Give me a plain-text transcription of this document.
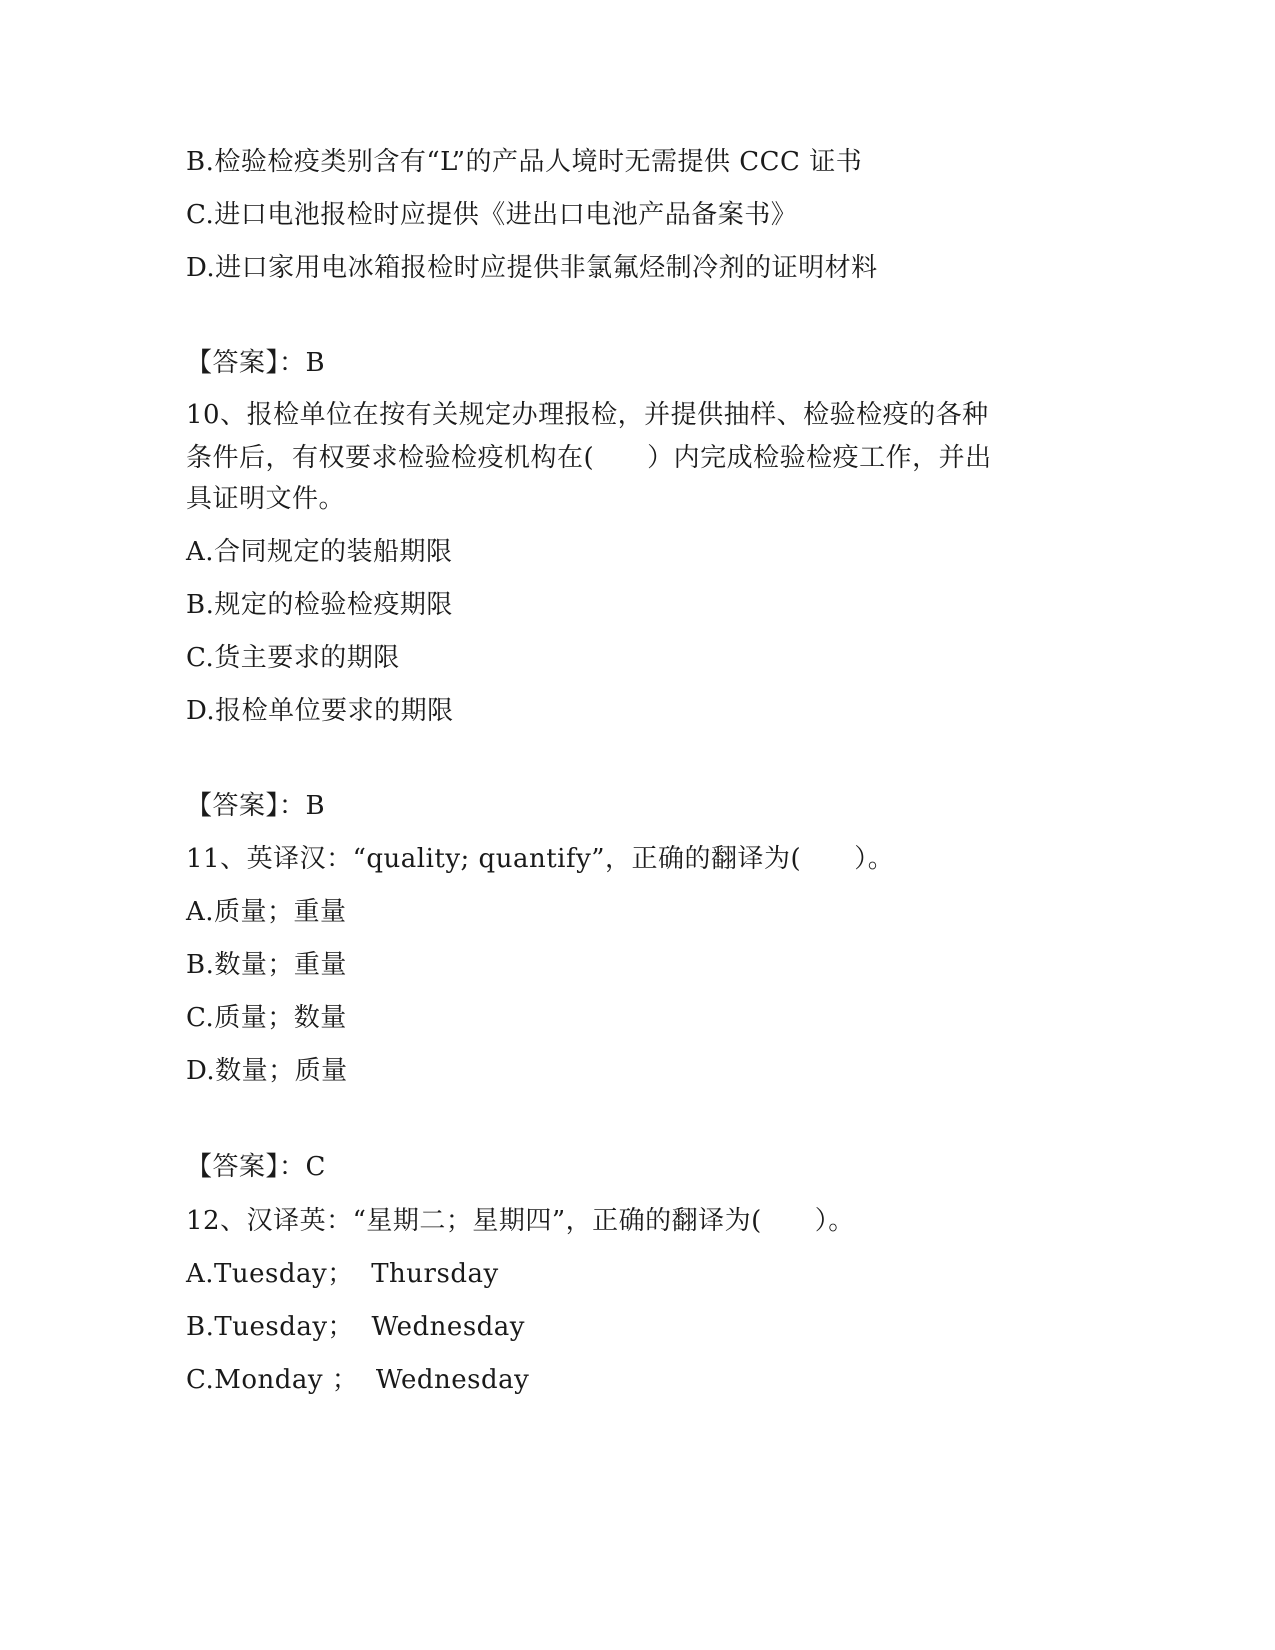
B.检验检疫类别含有“L”的产品人境时无需提供 CCC 证书
C.进口电池报检时应提供《进出口电池产品备案书》
D.进口家用电冰箱报检时应提供非氯氟烃制冷剂的证明材料
【答案】：B
10、报检单位在按有关规定办理报检，并提供抽样、检验检疫的各种
条件后，有权要求检验检疫机构在(　　）内完成检验检疫工作，并出
具证明文件。
A.合同规定的装船期限
B.规定的检验检疫期限
C.货主要求的期限
D.报检单位要求的期限
【答案】：B
11、英译汉：“quality; quantify”，正确的翻译为(　　）。
A.质量；重量
B.数量；重量
C.质量；数量
D.数量；质量
【答案】：C
12、汉译英：“星期二；星期四”，正确的翻译为(　　）。
A.Tuesday；  Thursday
B.Tuesday；  Wednesday
C.Monday ；  Wednesday
